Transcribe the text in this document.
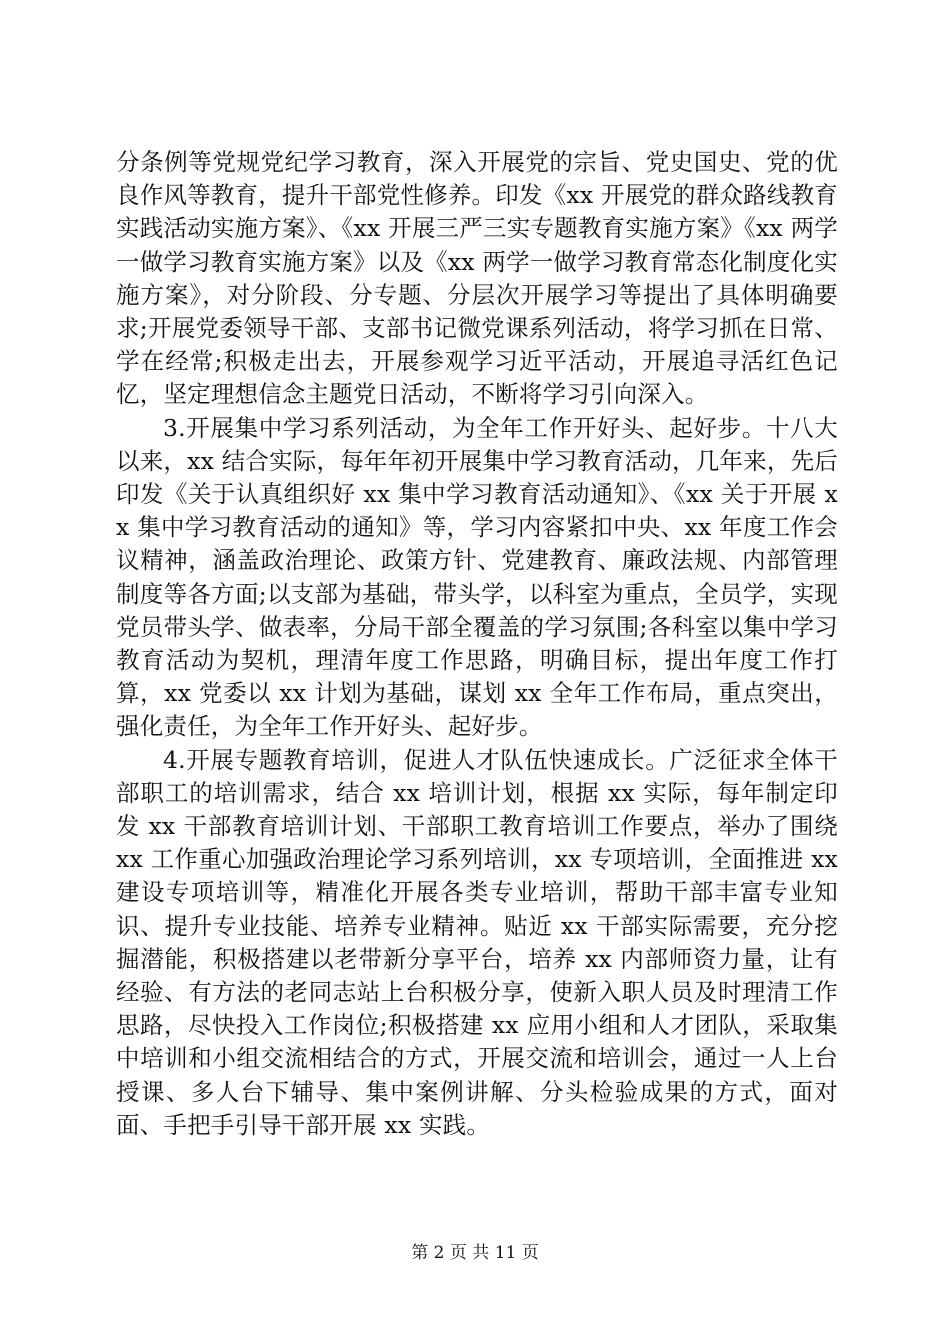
分条例等党规党纪学习教育，深入开展党的宗旨、党史国史、党的优良作风等教育，提升干部党性修养。印发《xx 开展党的群众路线教育实践活动实施方案》、《xx 开展三严三实专题教育实施方案》《xx 两学一做学习教育实施方案》以及《xx 两学一做学习教育常态化制度化实施方案》，对分阶段、分专题、分层次开展学习等提出了具体明确要求;开展党委领导干部、支部书记微党课系列活动，将学习抓在日常、学在经常;积极走出去，开展参观学习近平活动，开展追寻活红色记忆，坚定理想信念主题党日活动，不断将学习引向深入。

3.开展集中学习系列活动，为全年工作开好头、起好步。十八大以来，xx 结合实际，每年年初开展集中学习教育活动，几年来，先后印发《关于认真组织好 xx 集中学习教育活动通知》、《xx 关于开展 xx 集中学习教育活动的通知》等，学习内容紧扣中央、xx 年度工作会议精神，涵盖政治理论、政策方针、党建教育、廉政法规、内部管理制度等各方面;以支部为基础，带头学，以科室为重点，全员学，实现党员带头学、做表率，分局干部全覆盖的学习氛围;各科室以集中学习教育活动为契机，理清年度工作思路，明确目标，提出年度工作打算，xx 党委以 xx 计划为基础，谋划 xx 全年工作布局，重点突出，强化责任，为全年工作开好头、起好步。

4.开展专题教育培训，促进人才队伍快速成长。广泛征求全体干部职工的培训需求，结合 xx 培训计划，根据 xx 实际，每年制定印发 xx 干部教育培训计划、干部职工教育培训工作要点，举办了围绕 xx 工作重心加强政治理论学习系列培训，xx 专项培训，全面推进 xx 建设专项培训等，精准化开展各类专业培训，帮助干部丰富专业知识、提升专业技能、培养专业精神。贴近 xx 干部实际需要，充分挖掘潜能，积极搭建以老带新分享平台，培养 xx 内部师资力量，让有经验、有方法的老同志站上台积极分享，使新入职人员及时理清工作思路，尽快投入工作岗位;积极搭建 xx 应用小组和人才团队，采取集中培训和小组交流相结合的方式，开展交流和培训会，通过一人上台授课、多人台下辅导、集中案例讲解、分头检验成果的方式，面对面、手把手引导干部开展 xx 实践。

第 2 页 共 11 页
